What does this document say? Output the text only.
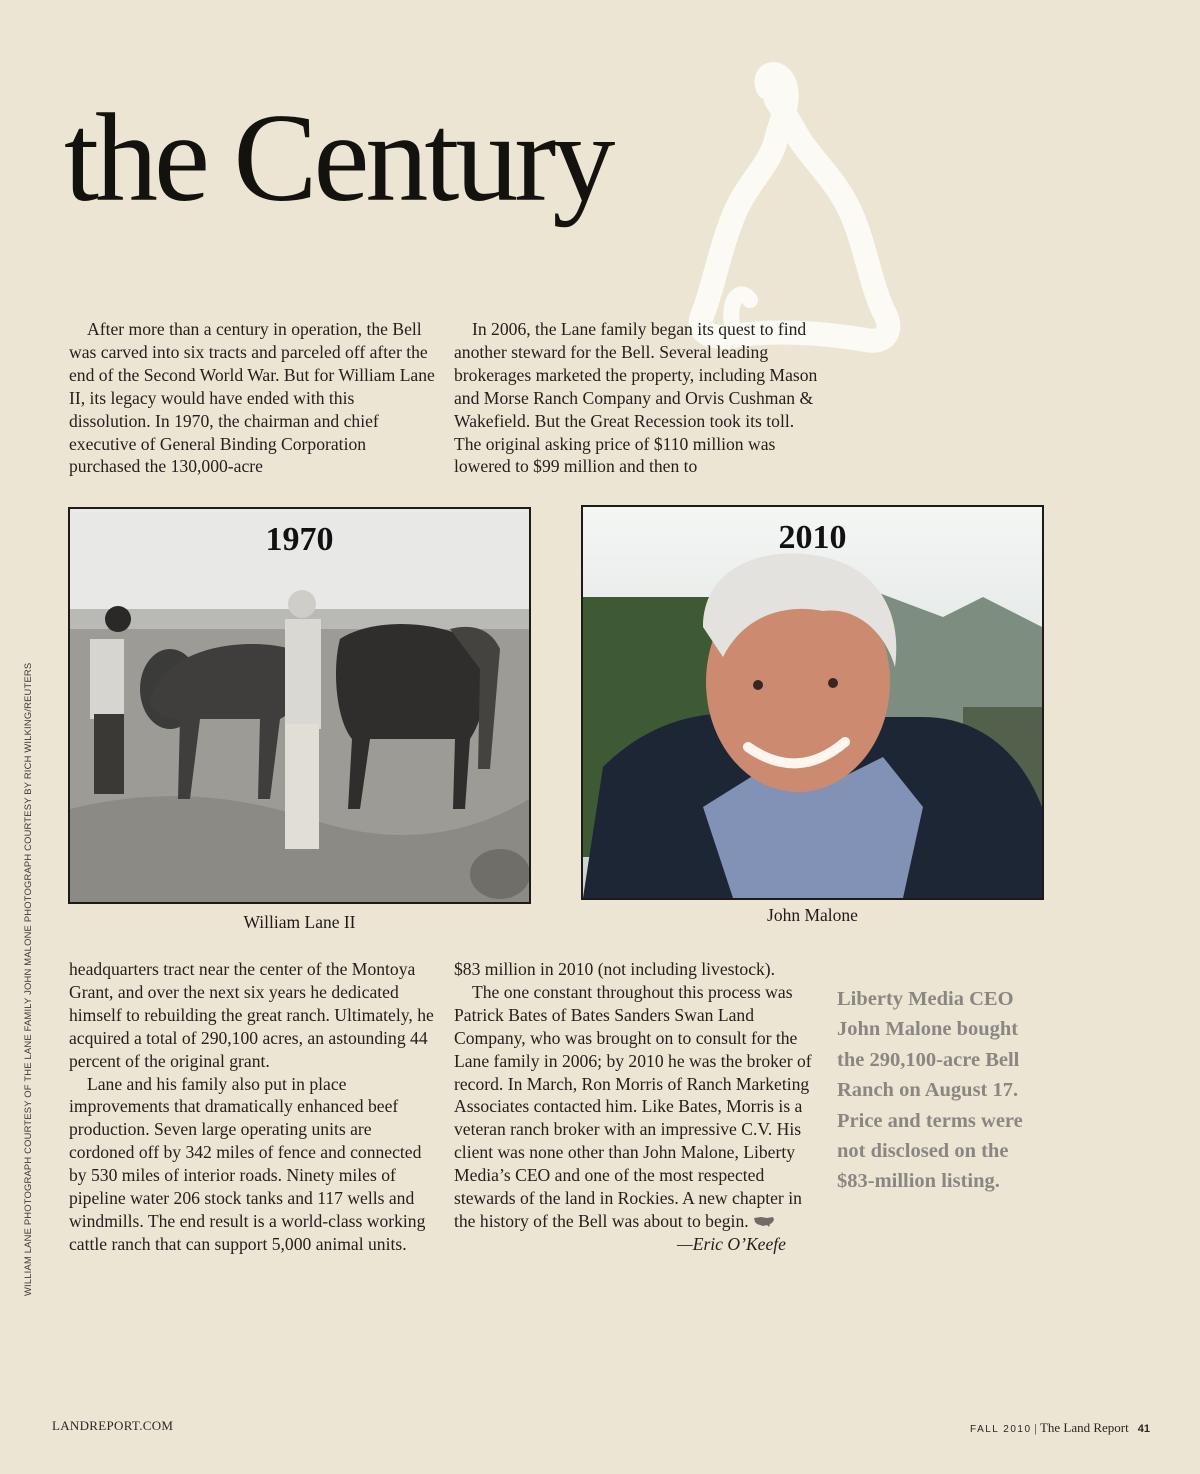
the Century

After more than a century in operation, the Bell was carved into six tracts and parceled off after the end of the Second World War. But for William Lane II, its legacy would have ended with this dissolution. In 1970, the chairman and chief executive of General Binding Corporation purchased the 130,000-acre

In 2006, the Lane family began its quest to find another steward for the Bell. Several leading brokerages marketed the property, including Mason and Morse Ranch Company and Orvis Cushman & Wakefield. But the Great Recession took its toll. The original asking price of $110 million was lowered to $99 million and then to

1970
William Lane II
2010
John Malone

headquarters tract near the center of the Montoya Grant, and over the next six years he dedicated himself to rebuilding the great ranch. Ultimately, he acquired a total of 290,100 acres, an astounding 44 percent of the original grant.

Lane and his family also put in place improvements that dramatically enhanced beef production. Seven large operating units are cordoned off by 342 miles of fence and connected by 530 miles of interior roads. Ninety miles of pipeline water 206 stock tanks and 117 wells and windmills. The end result is a world-class working cattle ranch that can support 5,000 animal units.

$83 million in 2010 (not including livestock).

The one constant throughout this process was Patrick Bates of Bates Sanders Swan Land Company, who was brought on to consult for the Lane family in 2006; by 2010 he was the broker of record. In March, Ron Morris of Ranch Marketing Associates contacted him. Like Bates, Morris is a veteran ranch broker with an impressive C.V. His client was none other than John Malone, Liberty Media’s CEO and one of the most respected stewards of the land in Rockies. A new chapter in the history of the Bell was about to begin.

—Eric O’Keefe

Liberty Media CEO John Malone bought the 290,100-acre Bell Ranch on August 17. Price and terms were not disclosed on the $83-million listing.

WILLIAM LANE PHOTOGRAPH COURTESY OF THE LANE FAMILY JOHN MALONE PHOTOGRAPH COURTESY BY RICH WILKING/REUTERS
LANDREPORT.COM	FALL 2010 | The Land Report 41
